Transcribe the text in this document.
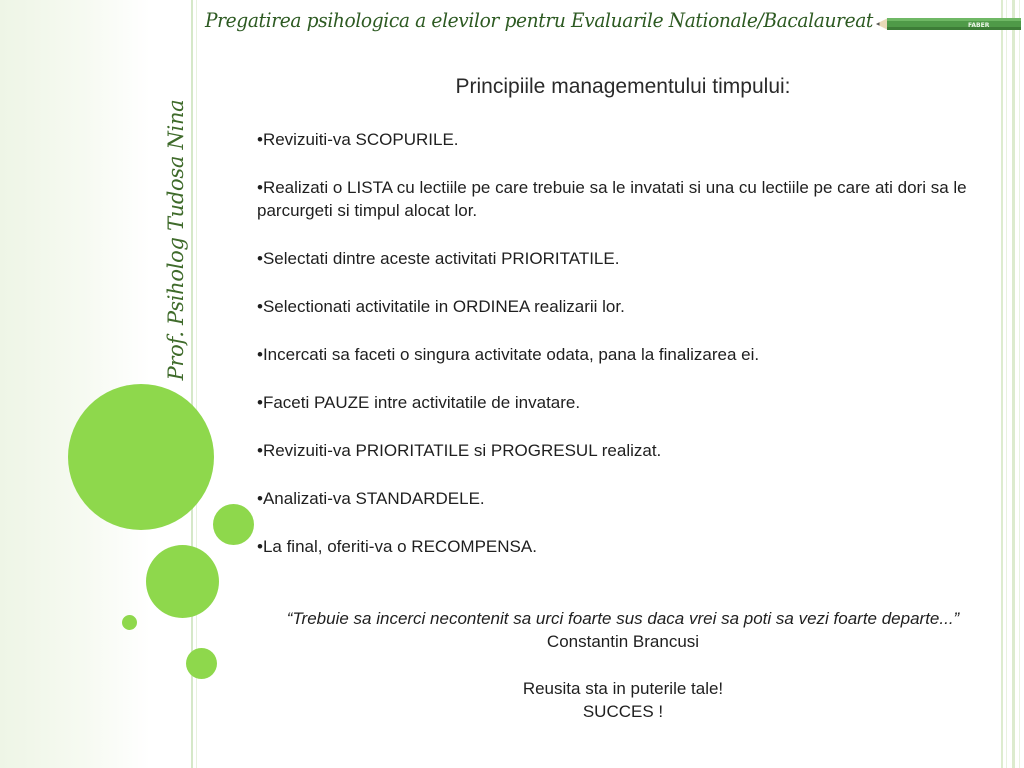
Pregatirea psihologica a elevilor pentru Evaluarile Nationale/Bacalaureat	FABER
Prof. Psiholog Tudosa Nina
Principiile managementului timpului:
•Revizuiti-va SCOPURILE.
•Realizati o LISTA cu lectiile pe care trebuie sa le invatati si una cu lectiile pe care ati dori sa le parcurgeti si timpul alocat lor.
•Selectati dintre aceste activitati PRIORITATILE.
•Selectionati activitatile in ORDINEA realizarii lor.
•Incercati sa faceti o singura activitate odata, pana la finalizarea ei.
•Faceti PAUZE intre activitatile de invatare.
•Revizuiti-va PRIORITATILE si PROGRESUL realizat.
•Analizati-va STANDARDELE.
•La final, oferiti-va o RECOMPENSA.

“Trebuie sa incerci necontenit sa urci foarte sus daca vrei sa poti sa vezi foarte departe...” Constantin Brancusi

Reusita sta in puterile tale!

SUCCES !
